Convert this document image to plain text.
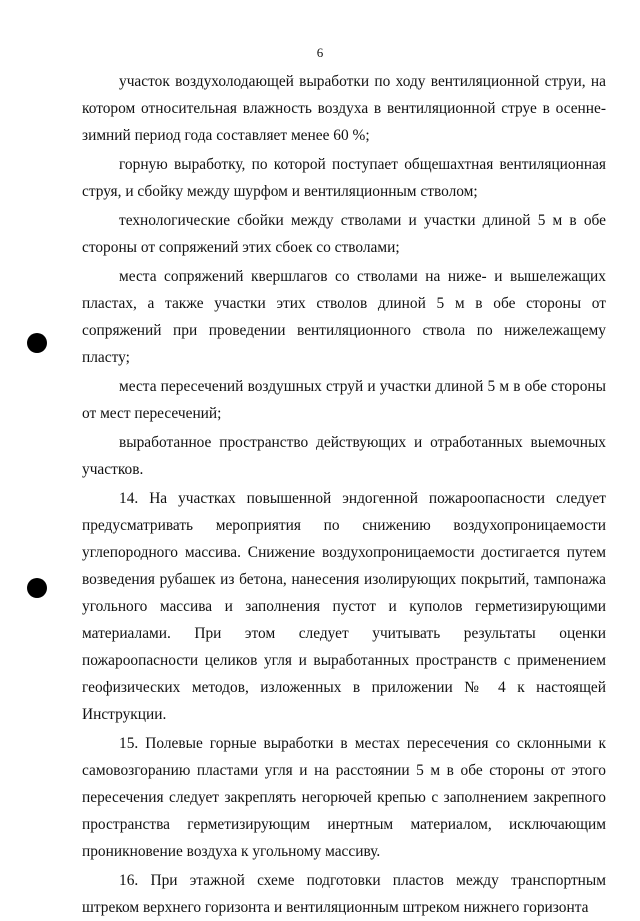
6

участок воздухолодающей выработки по ходу вентиляционной струи, на котором относительная влажность воздуха в вентиляционной струе в осенне-зимний период года составляет менее 60 %;

горную выработку, по которой поступает общешахтная вентиляционная струя, и сбойку между шурфом и вентиляционным стволом;

технологические сбойки между стволами и участки длиной 5 м в обе стороны от сопряжений этих сбоек со стволами;

места сопряжений квершлагов со стволами на ниже- и вышележащих пластах, а также участки этих стволов длиной 5 м в обе стороны от сопряжений при проведении вентиляционного ствола по нижележащему пласту;

места пересечений воздушных струй и участки длиной 5 м в обе стороны от мест пересечений;

выработанное пространство действующих и отработанных выемочных участков.

14. На участках повышенной эндогенной пожароопасности следует предусматривать мероприятия по снижению воздухопроницаемости углепородного массива. Снижение воздухопроницаемости достигается путем возведения рубашек из бетона, нанесения изолирующих покрытий, тампонажа угольного массива и заполнения пустот и куполов герметизирующими материалами. При этом следует учитывать результаты оценки пожароопасности целиков угля и выработанных пространств с применением геофизических методов, изложенных в приложении № 4 к настоящей Инструкции.

15. Полевые горные выработки в местах пересечения со склонными к самовозгоранию пластами угля и на расстоянии 5 м в обе стороны от этого пересечения следует закреплять негорючей крепью с заполнением закрепного пространства герметизирующим инертным материалом, исключающим проникновение воздуха к угольному массиву.

16. При этажной схеме подготовки пластов между транспортным штреком верхнего горизонта и вентиляционным штреком нижнего горизонта
